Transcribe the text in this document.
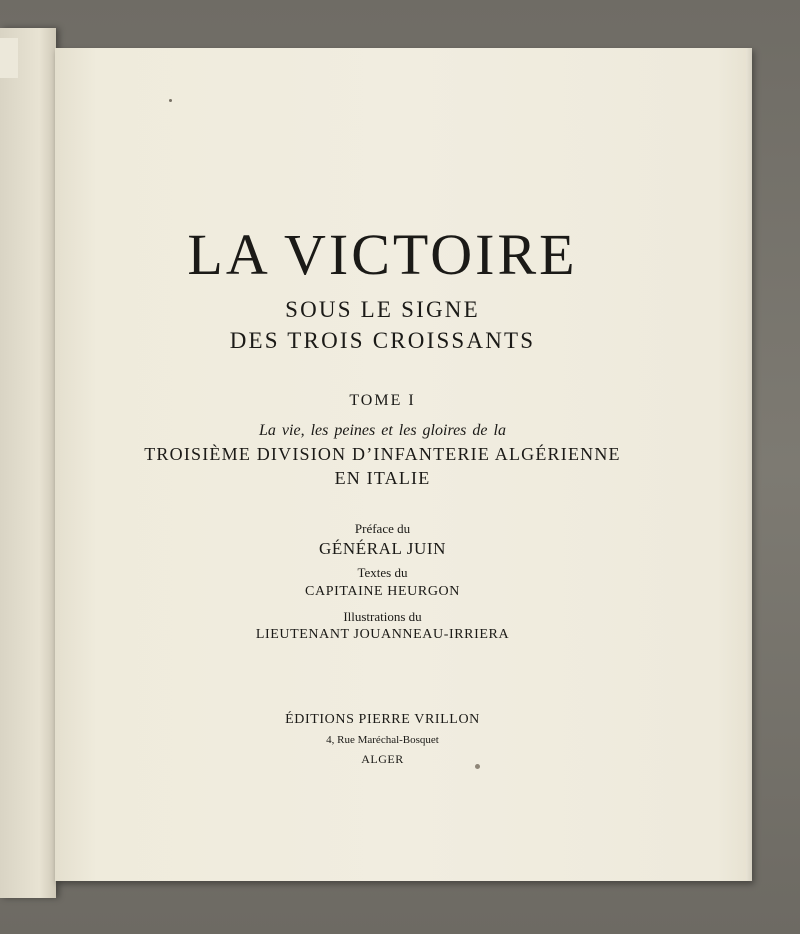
LA VICTOIRE

SOUS LE SIGNE

DES TROIS CROISSANTS

TOME I

La vie, les peines et les gloires de la

TROISIÈME DIVISION D’INFANTERIE ALGÉRIENNE

EN ITALIE

Préface du

GÉNÉRAL JUIN

Textes du

CAPITAINE HEURGON

Illustrations du

LIEUTENANT JOUANNEAU-IRRIERA

ÉDITIONS PIERRE VRILLON

4, Rue Maréchal-Bosquet

ALGER
